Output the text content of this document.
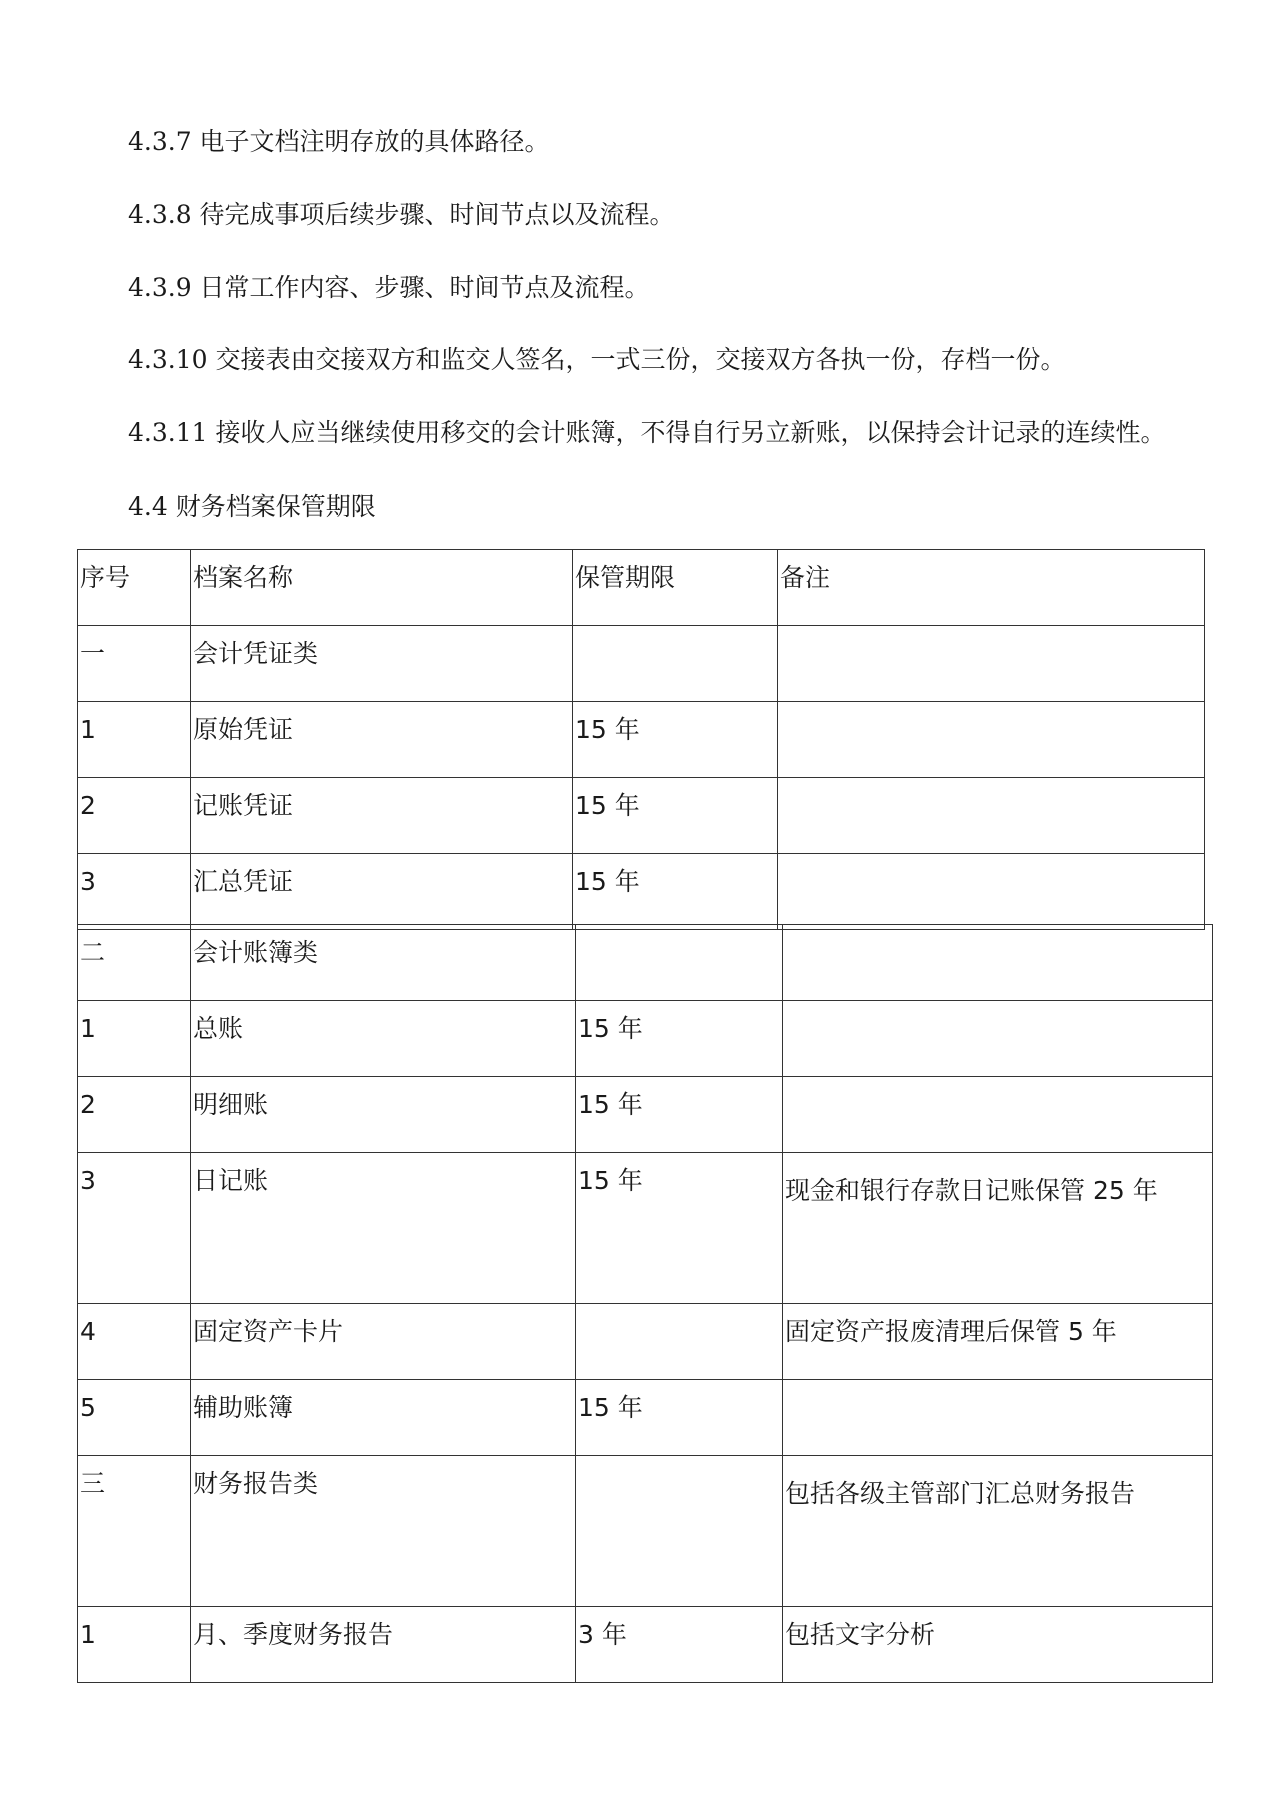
4.3.7 电子文档注明存放的具体路径。

4.3.8 待完成事项后续步骤、时间节点以及流程。

4.3.9 日常工作内容、步骤、时间节点及流程。

4.3.10 交接表由交接双方和监交人签名，一式三份，交接双方各执一份，存档一份。

4.3.11 接收人应当继续使用移交的会计账簿，不得自行另立新账，以保持会计记录的连续性。

4.4 财务档案保管期限

序号	档案名称	保管期限	备注
一	会计凭证类		
1	原始凭证	15 年	
2	记账凭证	15 年	
3	汇总凭证	15 年	
二	会计账簿类		
1	总账	15 年	
2	明细账	15 年	
3	日记账	15 年	现金和银行存款日记账保管 25 年
4	固定资产卡片		固定资产报废清理后保管 5 年
5	辅助账簿	15 年	
三	财务报告类		包括各级主管部门汇总财务报告
1	月、季度财务报告	3 年	包括文字分析
